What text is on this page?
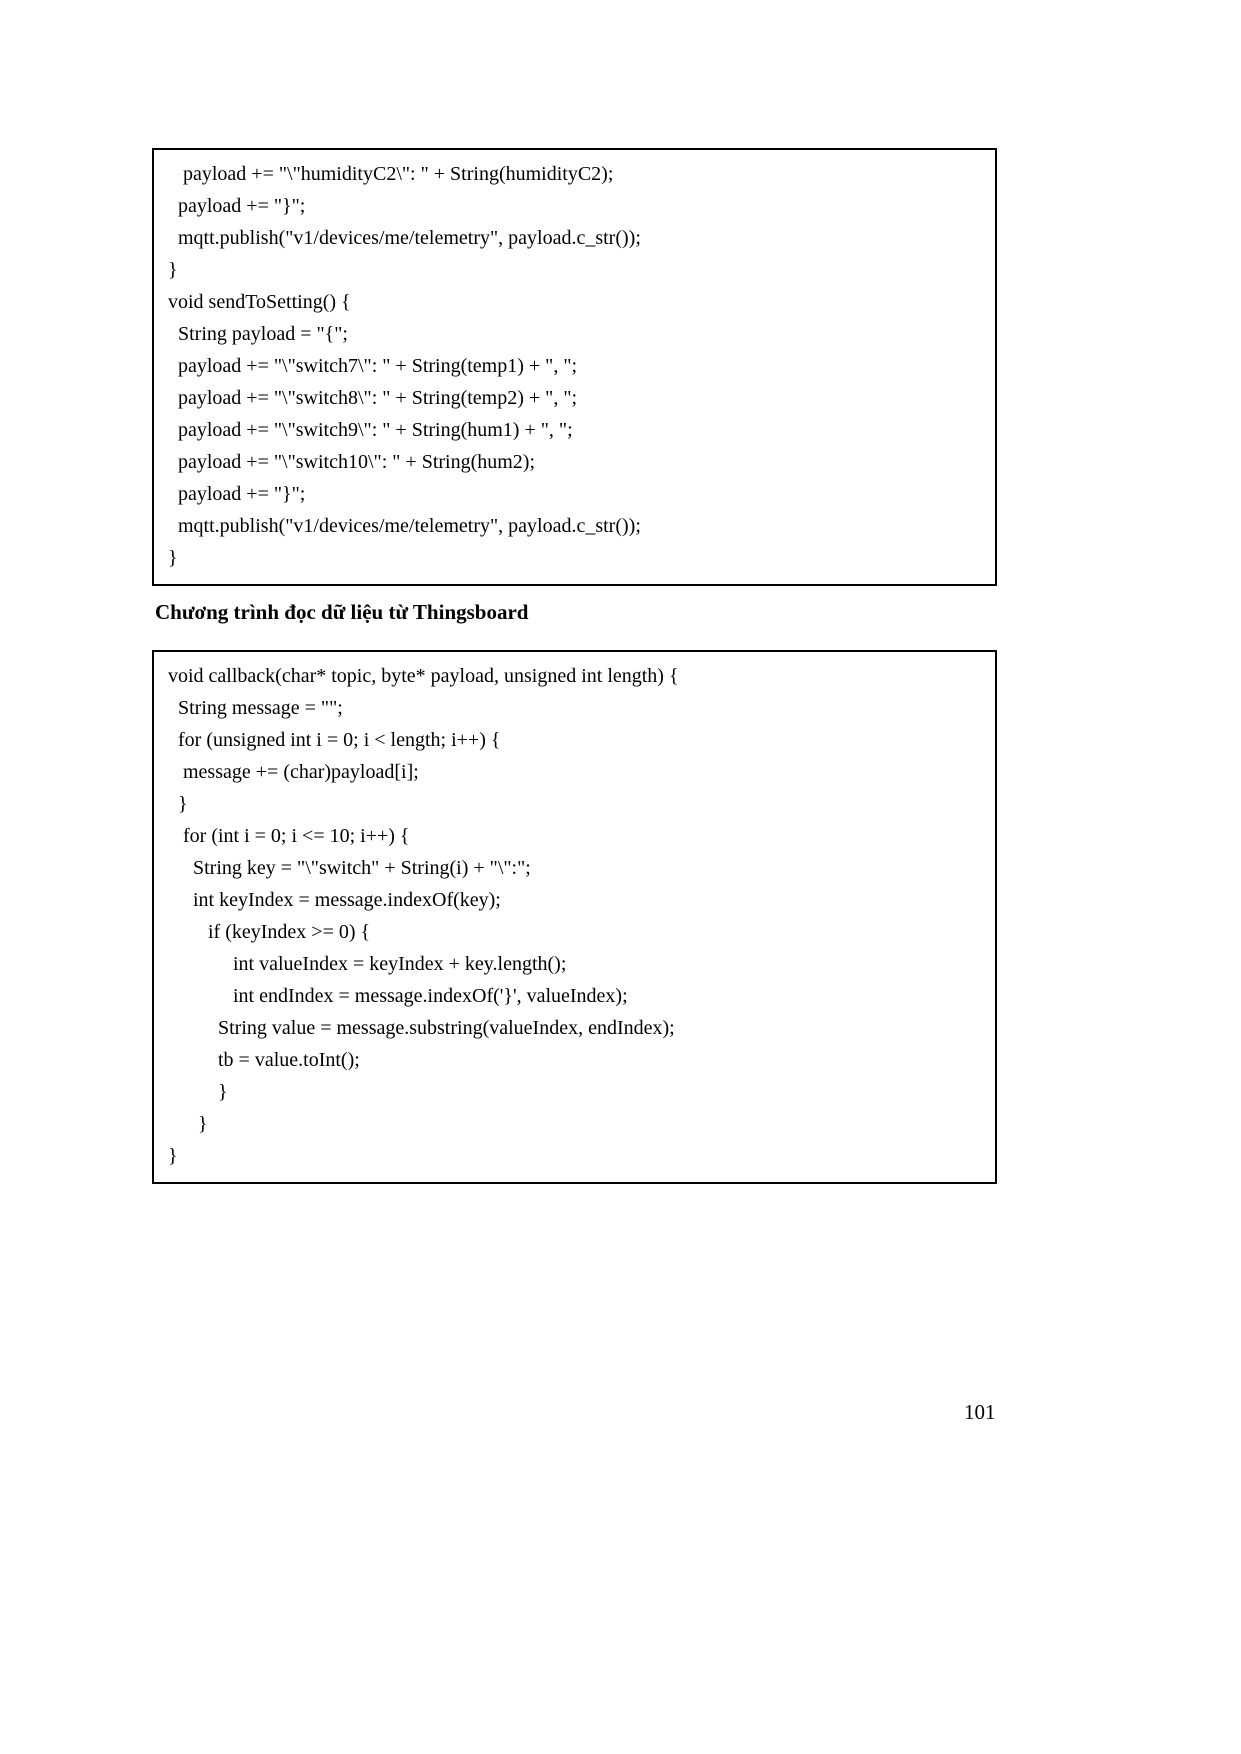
payload += "\"humidityC2\": " + String(humidityC2);
payload += "}";
mqtt.publish("v1/devices/me/telemetry", payload.c_str());
}
void sendToSetting() {
String payload = "{";
payload += "\"switch7\": " + String(temp1) + ", ";
payload += "\"switch8\": " + String(temp2) + ", ";
payload += "\"switch9\": " + String(hum1) + ", ";
payload += "\"switch10\": " + String(hum2);
payload += "}";
mqtt.publish("v1/devices/me/telemetry", payload.c_str());
}
Chương trình đọc dữ liệu từ Thingsboard
void callback(char* topic, byte* payload, unsigned int length) {
String message = "";
for (unsigned int i = 0; i < length; i++) {
message += (char)payload[i];
}
for (int i = 0; i <= 10; i++) {
String key = "\"switch" + String(i) + "\":";
int keyIndex = message.indexOf(key);
if (keyIndex >= 0) {
int valueIndex = keyIndex + key.length();
int endIndex = message.indexOf('}', valueIndex);
String value = message.substring(valueIndex, endIndex);
tb = value.toInt();
}
}
}
101
